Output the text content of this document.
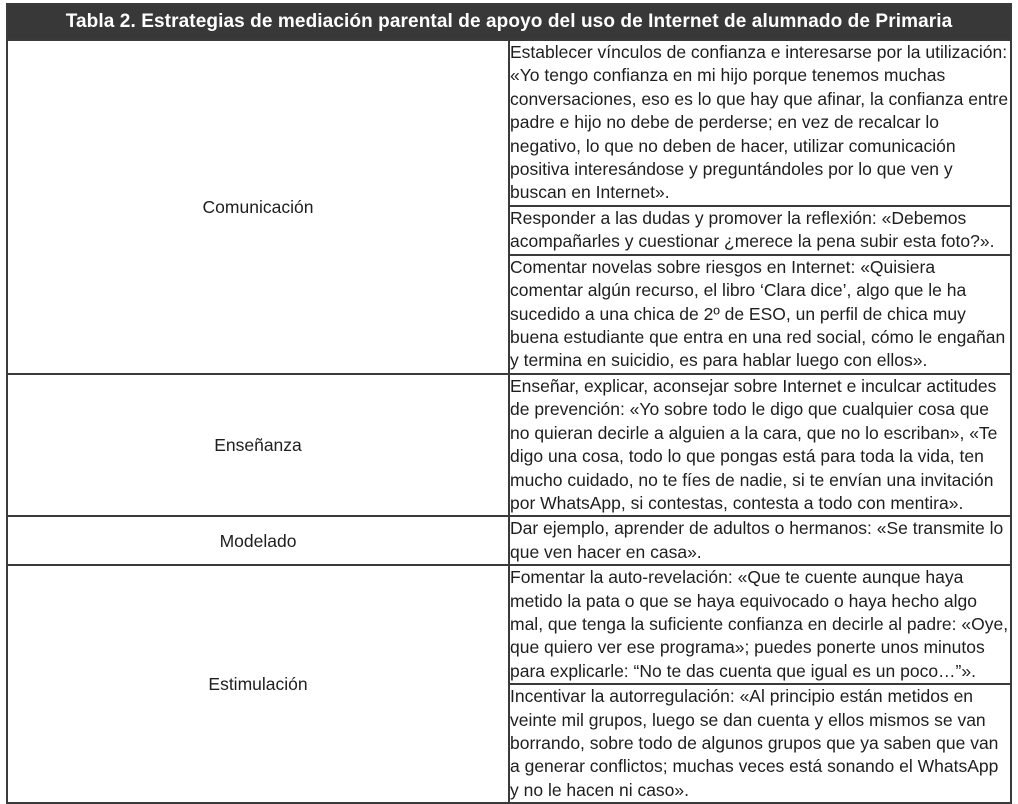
Tabla 2. Estrategias de mediación parental de apoyo del uso de Internet de alumnado de Primaria	
Comunicación	Establecer vínculos de confianza e interesarse por la utilización: «Yo tengo confianza en mi hijo porque tenemos muchas conversaciones, eso es lo que hay que afinar, la confianza entre padre e hijo no debe de perderse; en vez de recalcar lo negativo, lo que no deben de hacer, utilizar comunicación positiva interesándose y preguntándoles por lo que ven y buscan en Internet».
	Responder a las dudas y promover la reflexión: «Debemos acompañarles y cuestionar ¿merece la pena subir esta foto?».
	Comentar novelas sobre riesgos en Internet: «Quisiera comentar algún recurso, el libro ‘Clara dice’, algo que le ha sucedido a una chica de 2º de ESO, un perfil de chica muy buena estudiante que entra en una red social, cómo le engañan y termina en suicidio, es para hablar luego con ellos».
Enseñanza	Enseñar, explicar, aconsejar sobre Internet e inculcar actitudes de prevención: «Yo sobre todo le digo que cualquier cosa que no quieran decirle a alguien a la cara, que no lo escriban», «Te digo una cosa, todo lo que pongas está para toda la vida, ten mucho cuidado, no te fíes de nadie, si te envían una invitación por WhatsApp, si contestas, contesta a todo con mentira».
Modelado	Dar ejemplo, aprender de adultos o hermanos: «Se transmite lo que ven hacer en casa».
Estimulación	Fomentar la auto-revelación: «Que te cuente aunque haya metido la pata o que se haya equivocado o haya hecho algo mal, que tenga la suficiente confianza en decirle al padre: «Oye, que quiero ver ese programa»; puedes ponerte unos minutos para explicarle: “No te das cuenta que igual es un poco…”».
	Incentivar la autorregulación: «Al principio están metidos en veinte mil grupos, luego se dan cuenta y ellos mismos se van borrando, sobre todo de algunos grupos que ya saben que van a generar conflictos; muchas veces está sonando el WhatsApp y no le hacen ni caso».
